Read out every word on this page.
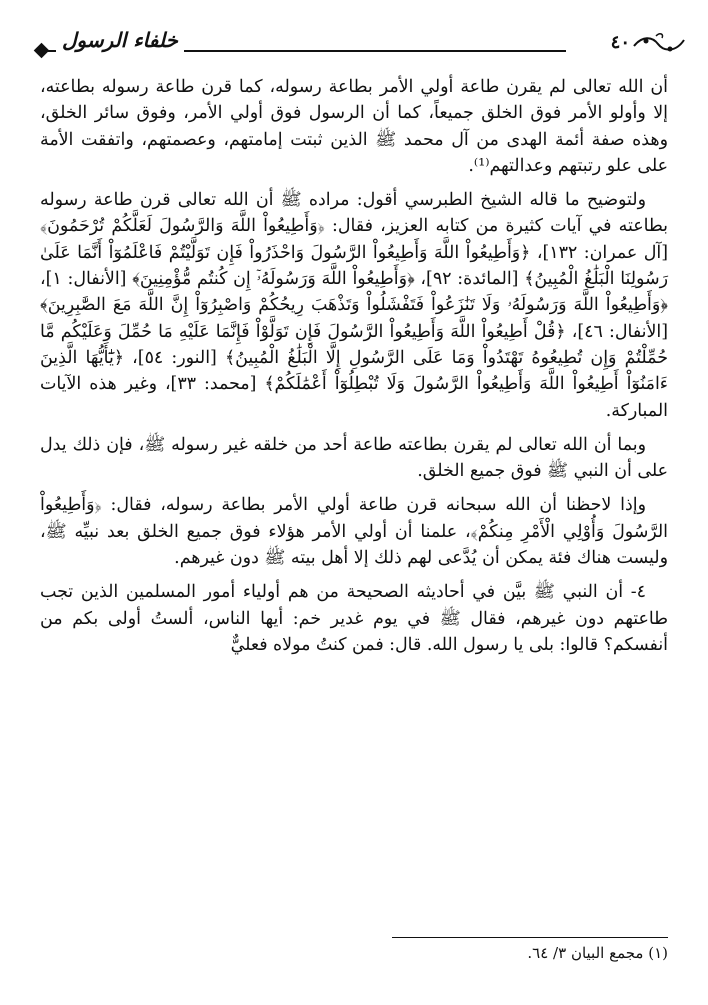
خلفاء الرسول	٤٠

أن الله تعالى لم يقرن طاعة أولي الأمر بطاعة رسوله، كما قرن طاعة رسوله بطاعته، إلا وأولو الأمر فوق الخلق جميعاً، كما أن الرسول فوق أولي الأمر، وفوق سائر الخلق، وهذه صفة أئمة الهدى من آل محمد ﷺ الذين ثبتت إمامتهم، وعصمتهم، واتفقت الأمة على علو رتبتهم وعدالتهم⁽¹⁾.

ولتوضيح ما قاله الشيخ الطبرسي أقول: مراده ﷺ أن الله تعالى قرن طاعة رسوله بطاعته في آيات كثيرة من كتابه العزيز، فقال: ﴿وَأَطِيعُواْ اللَّهَ وَالرَّسُولَ لَعَلَّكُمْ تُرْحَمُونَ﴾ [آل عمران: ١٣٢]، ﴿وَأَطِيعُواْ اللَّهَ وَأَطِيعُواْ الرَّسُولَ وَاحْذَرُواْ فَإِن تَوَلَّيْتُمْ فَاعْلَمُوٓاْ أَنَّمَا عَلَىٰ رَسُولِنَا الْبَلَٰغُ الْمُبِينُ﴾ [المائدة: ٩٢]، ﴿وَأَطِيعُواْ اللَّهَ وَرَسُولَهُۥٓ إِن كُنتُم مُّؤْمِنِينَ﴾ [الأنفال: ١]، ﴿وَأَطِيعُواْ اللَّهَ وَرَسُولَهُۥ وَلَا تَنَٰزَعُواْ فَتَفْشَلُواْ وَتَذْهَبَ رِيحُكُمْ وَاصْبِرُوٓاْ إِنَّ اللَّهَ مَعَ الصَّٰبِرِينَ﴾ [الأنفال: ٤٦]، ﴿قُلْ أَطِيعُواْ اللَّهَ وَأَطِيعُواْ الرَّسُولَ فَإِن تَوَلَّوْاْ فَإِنَّمَا عَلَيْهِ مَا حُمِّلَ وَعَلَيْكُم مَّا حُمِّلْتُمْ وَإِن تُطِيعُوهُ تَهْتَدُواْ وَمَا عَلَى الرَّسُولِ إِلَّا الْبَلَٰغُ الْمُبِينُ﴾ [النور: ٥٤]، ﴿يَٰٓأَيُّهَا الَّذِينَ ءَامَنُوٓاْ أَطِيعُواْ اللَّهَ وَأَطِيعُواْ الرَّسُولَ وَلَا تُبْطِلُوٓاْ أَعْمَٰلَكُمْ﴾ [محمد: ٣٣]، وغير هذه الآيات المباركة.

وبما أن الله تعالى لم يقرن بطاعته طاعة أحد من خلقه غير رسوله ﷺ، فإن ذلك يدل على أن النبي ﷺ فوق جميع الخلق.

وإذا لاحظنا أن الله سبحانه قرن طاعة أولي الأمر بطاعة رسوله، فقال: ﴿وَأَطِيعُواْ الرَّسُولَ وَأُوْلِي الْأَمْرِ مِنكُمْ﴾، علمنا أن أولي الأمر هؤلاء فوق جميع الخلق بعد نبيِّه ﷺ، وليست هناك فئة يمكن أن يُدَّعى لهم ذلك إلا أهل بيته ﷺ دون غيرهم.

٤- أن النبي ﷺ بيَّن في أحاديثه الصحيحة من هم أولياء أمور المسلمين الذين تجب طاعتهم دون غيرهم، فقال ﷺ في يوم غدير خم: أيها الناس، ألستُ أولى بكم من أنفسكم؟ قالوا: بلى يا رسول الله. قال: فمن كنتُ مولاه فعليٌّ

(١) مجمع البيان ٣/ ٦٤.
